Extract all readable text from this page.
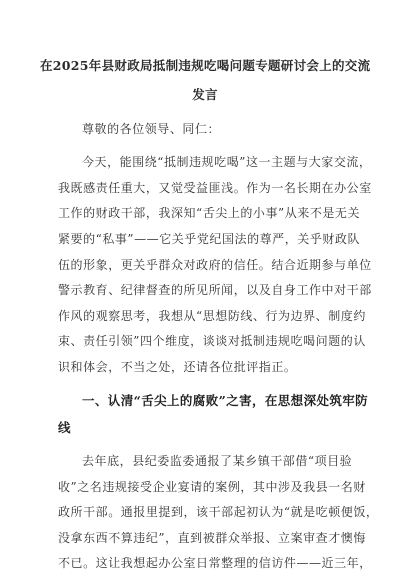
在2025年县财政局抵制违规吃喝问题专题研讨会上的交流
发言
尊敬的各位领导、同仁：
今天，能围绕“抵制违规吃喝”这一主题与大家交流，
我既感责任重大，又觉受益匪浅。作为一名长期在办公室
工作的财政干部，我深知“舌尖上的小事”从来不是无关
紧要的“私事”——它关乎党纪国法的尊严，关乎财政队
伍的形象，更关乎群众对政府的信任。结合近期参与单位
警示教育、纪律督查的所见所闻，以及自身工作中对干部
作风的观察思考，我想从“思想防线、行为边界、制度约
束、责任引领”四个维度，谈谈对抵制违规吃喝问题的认
识和体会，不当之处，还请各位批评指正。
一、认清“舌尖上的腐败”之害，在思想深处筑牢防
线
去年底，县纪委监委通报了某乡镇干部借“项目验
收”之名违规接受企业宴请的案例，其中涉及我县一名财
政所干部。通报里提到，该干部起初认为“就是吃顿便饭，
没拿东西不算违纪”，直到被群众举报、立案审查才懊悔
不已。这让我想起办公室日常整理的信访件——近三年，
